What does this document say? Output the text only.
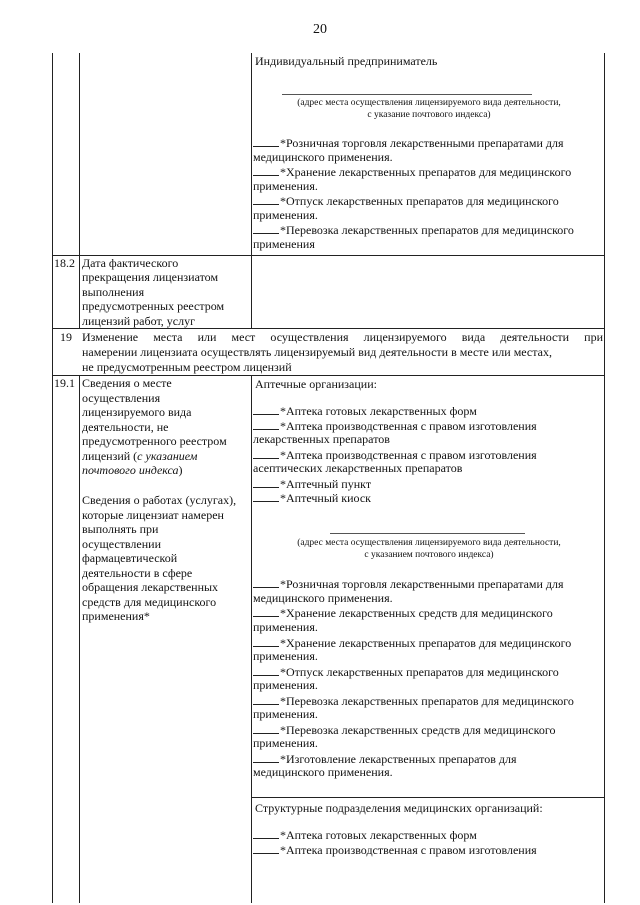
20
Индивидуальный предприниматель
(адрес места осуществления лицензируемого вида деятельности,
с указание почтового индекса)
*Розничная торговля лекарственными препаратами для
медицинского применения.
*Хранение лекарственных препаратов для медицинского
применения.
*Отпуск лекарственных препаратов для медицинского
применения.
*Перевозка лекарственных препаратов для медицинского
применения
18.2 Дата фактического
прекращения лицензиатом
выполнения
предусмотренных реестром
лицензий работ, услуг
19 Изменение места или мест осуществления лицензируемого вида деятельности при
намерении лицензиата осуществлять лицензируемый вид деятельности в месте или местах,
не предусмотренным реестром лицензий
19.1 Сведения о месте
осуществления
лицензируемого вида
деятельности, не
предусмотренного реестром
лицензий (с указанием
почтового индекса)
Сведения о работах (услугах),
которые лицензиат намерен
выполнять при
осуществлении
фармацевтической
деятельности в сфере
обращения лекарственных
средств для медицинского
применения*
Аптечные организации:
*Аптека готовых лекарственных форм
*Аптека производственная с правом изготовления
лекарственных препаратов
*Аптека производственная с правом изготовления
асептических лекарственных препаратов
*Аптечный пункт
*Аптечный киоск
(адрес места осуществления лицензируемого вида деятельности,
с указанием почтового индекса)
*Розничная торговля лекарственными препаратами для
медицинского применения.
*Хранение лекарственных средств для медицинского
применения.
*Хранение лекарственных препаратов для медицинского
применения.
*Отпуск лекарственных препаратов для медицинского
применения.
*Перевозка лекарственных препаратов для медицинского
применения.
*Перевозка лекарственных средств для медицинского
применения.
*Изготовление лекарственных препаратов для
медицинского применения.
Структурные подразделения медицинских организаций:
*Аптека готовых лекарственных форм
*Аптека производственная с правом изготовления
